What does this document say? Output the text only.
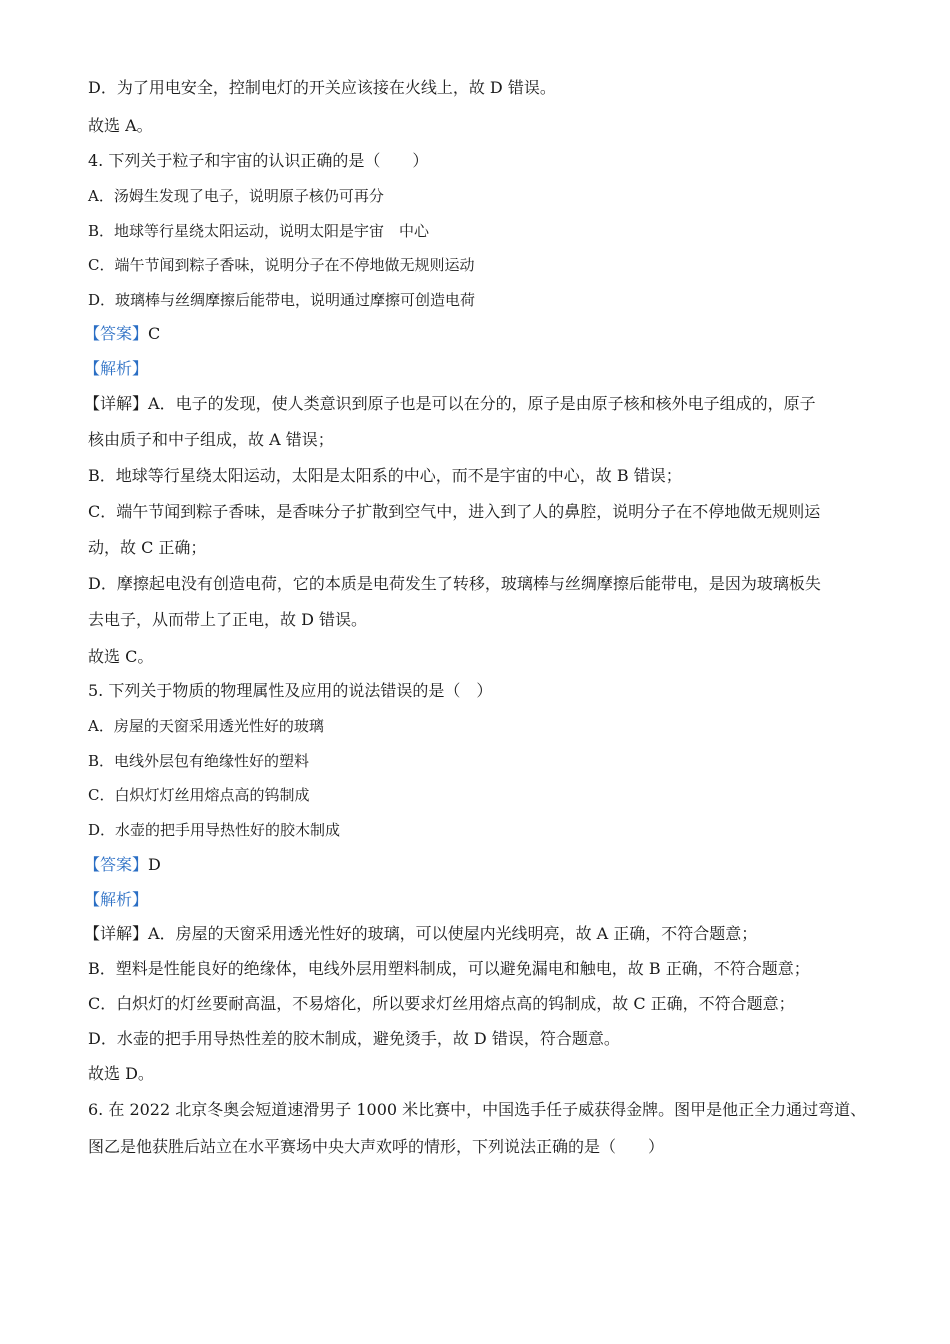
D．为了用电安全，控制电灯的开关应该接在火线上，故 D 错误。

故选 A。

4. 下列关于粒子和宇宙的认识正确的是（　　）

A．汤姆生发现了电子，说明原子核仍可再分

B．地球等行星绕太阳运动，说明太阳是宇宙　中心

C．端午节闻到粽子香味，说明分子在不停地做无规则运动

D．玻璃棒与丝绸摩擦后能带电，说明通过摩擦可创造电荷

【答案】C

【解析】

【详解】A．电子的发现，使人类意识到原子也是可以在分的，原子是由原子核和核外电子组成的，原子

核由质子和中子组成，故 A 错误；

B．地球等行星绕太阳运动，太阳是太阳系的中心，而不是宇宙的中心，故 B 错误；

C．端午节闻到粽子香味，是香味分子扩散到空气中，进入到了人的鼻腔，说明分子在不停地做无规则运

动，故 C 正确；

D．摩擦起电没有创造电荷，它的本质是电荷发生了转移，玻璃棒与丝绸摩擦后能带电，是因为玻璃板失

去电子，从而带上了正电，故 D 错误。

故选 C。

5. 下列关于物质的物理属性及应用的说法错误的是（　）

A．房屋的天窗采用透光性好的玻璃

B．电线外层包有绝缘性好的塑料

C．白炽灯灯丝用熔点高的钨制成

D．水壶的把手用导热性好的胶木制成

【答案】D

【解析】

【详解】A．房屋的天窗采用透光性好的玻璃，可以使屋内光线明亮，故 A 正确，不符合题意；

B．塑料是性能良好的绝缘体，电线外层用塑料制成，可以避免漏电和触电，故 B 正确，不符合题意；

C．白炽灯的灯丝要耐高温，不易熔化，所以要求灯丝用熔点高的钨制成，故 C 正确，不符合题意；

D．水壶的把手用导热性差的胶木制成，避免烫手，故 D 错误，符合题意。

故选 D。

6. 在 2022 北京冬奥会短道速滑男子 1000 米比赛中，中国选手任子威获得金牌。图甲是他正全力通过弯道、

图乙是他获胜后站立在水平赛场中央大声欢呼的情形，下列说法正确的是（　　）
